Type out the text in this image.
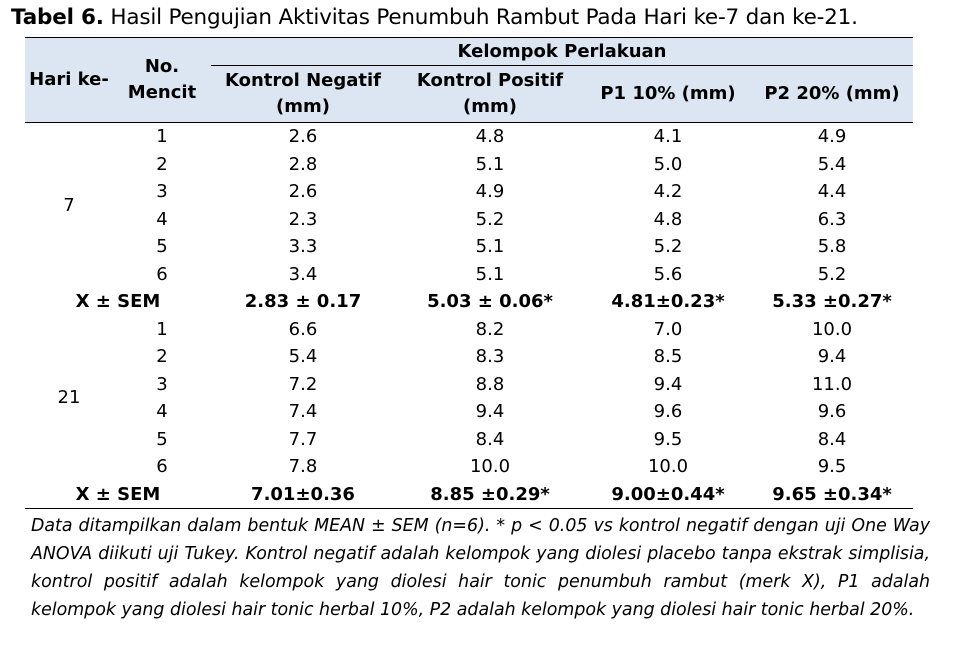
Tabel 6. Hasil Pengujian Aktivitas Penumbuh Rambut Pada Hari ke-7 dan ke-21.
Hari ke-	No. Mencit	Kelompok Perlakuan			
		Kontrol Negatif (mm)	Kontrol Positif (mm)	P1 10% (mm)	P2 20% (mm)
7	1	2.6	4.8	4.1	4.9
	2	2.8	5.1	5.0	5.4
	3	2.6	4.9	4.2	4.4
	4	2.3	5.2	4.8	6.3
	5	3.3	5.1	5.2	5.8
	6	3.4	5.1	5.6	5.2
X ± SEM		2.83 ± 0.17	5.03 ± 0.06*	4.81±0.23*	5.33 ±0.27*
21	1	6.6	8.2	7.0	10.0
	2	5.4	8.3	8.5	9.4
	3	7.2	8.8	9.4	11.0
	4	7.4	9.4	9.6	9.6
	5	7.7	8.4	9.5	8.4
	6	7.8	10.0	10.0	9.5
X ± SEM		7.01±0.36	8.85 ±0.29*	9.00±0.44*	9.65 ±0.34*
Data ditampilkan dalam bentuk MEAN ± SEM (n=6). * p < 0.05 vs kontrol negatif dengan uji One Way ANOVA diikuti uji Tukey. Kontrol negatif adalah kelompok yang diolesi placebo tanpa ekstrak simplisia, kontrol positif adalah kelompok yang diolesi hair tonic penumbuh rambut (merk X), P1 adalah kelompok yang diolesi hair tonic herbal 10%, P2 adalah kelompok yang diolesi hair tonic herbal 20%.
